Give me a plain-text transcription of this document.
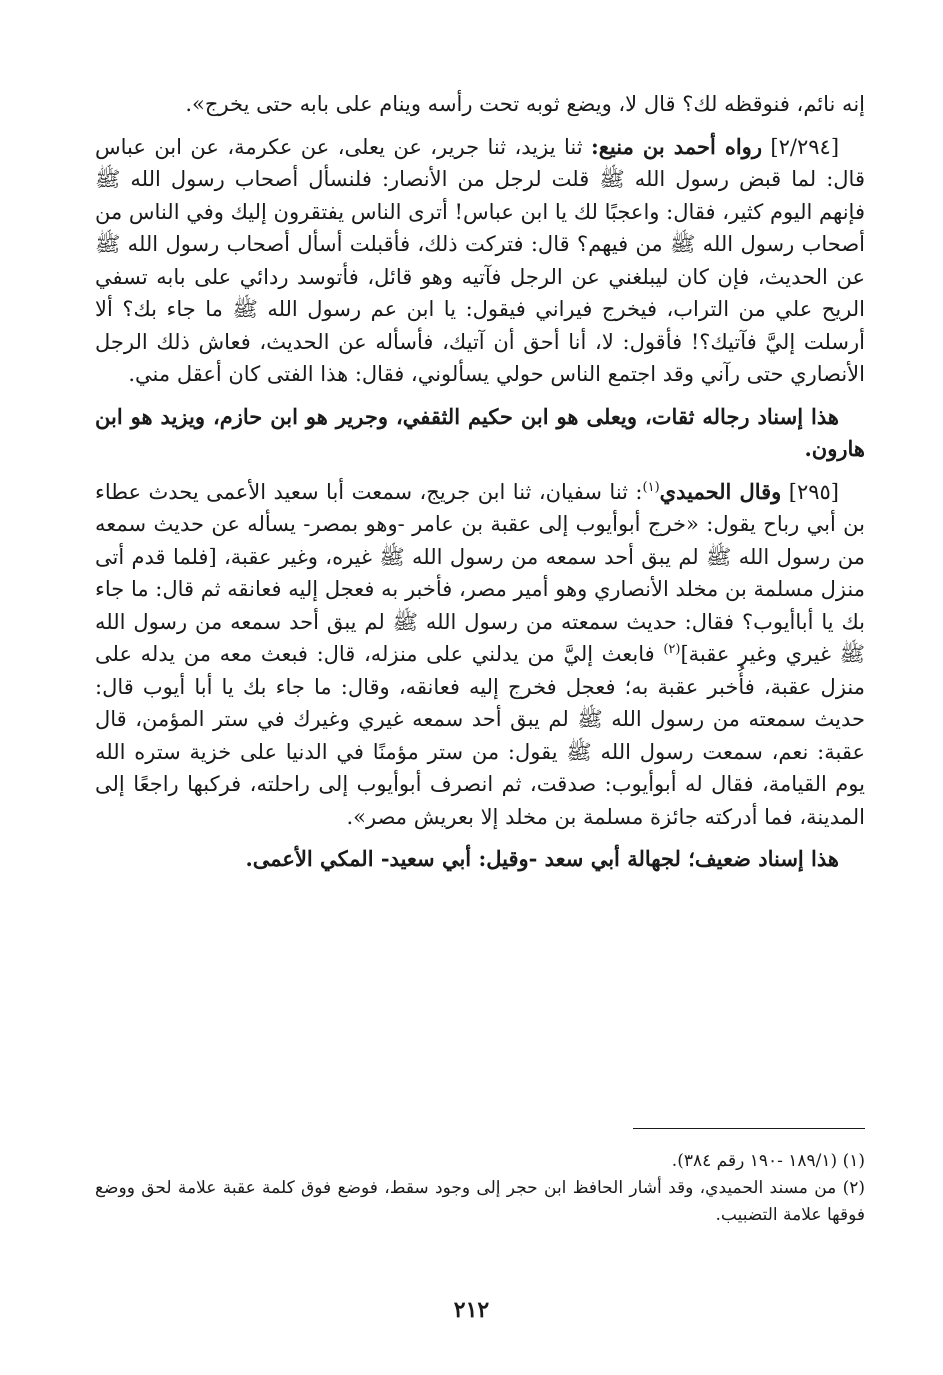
إنه نائم، فنوقظه لك؟ قال لا، ويضع ثوبه تحت رأسه وينام على بابه حتى يخرج».

[٢/٢٩٤] رواه أحمد بن منيع: ثنا يزيد، ثنا جرير، عن يعلى، عن عكرمة، عن ابن عباس قال: لما قبض رسول الله ﷺ قلت لرجل من الأنصار: فلنسأل أصحاب رسول الله ﷺ فإنهم اليوم كثير، فقال: واعجبًا لك يا ابن عباس! أترى الناس يفتقرون إليك وفي الناس من أصحاب رسول الله ﷺ من فيهم؟ قال: فتركت ذلك، فأقبلت أسأل أصحاب رسول الله ﷺ عن الحديث، فإن كان ليبلغني عن الرجل فآتيه وهو قائل، فأتوسد ردائي على بابه تسفي الريح علي من التراب، فيخرج فيراني فيقول: يا ابن عم رسول الله ﷺ ما جاء بك؟ ألا أرسلت إليَّ فآتيك؟! فأقول: لا، أنا أحق أن آتيك، فأسأله عن الحديث، فعاش ذلك الرجل الأنصاري حتى رآني وقد اجتمع الناس حولي يسألوني، فقال: هذا الفتى كان أعقل مني.

هذا إسناد رجاله ثقات، ويعلى هو ابن حكيم الثقفي، وجرير هو ابن حازم، ويزيد هو ابن هارون.

[٢٩٥] وقال الحميدي$^{(١)}$: ثنا سفيان، ثنا ابن جريج، سمعت أبا سعيد الأعمى يحدث عطاء بن أبي رباح يقول: «خرج أبوأيوب إلى عقبة بن عامر -وهو بمصر- يسأله عن حديث سمعه من رسول الله ﷺ لم يبق أحد سمعه من رسول الله ﷺ غيره، وغير عقبة، [فلما قدم أتى منزل مسلمة بن مخلد الأنصاري وهو أمير مصر، فأخبر به فعجل إليه فعانقه ثم قال: ما جاء بك يا أباأيوب؟ فقال: حديث سمعته من رسول الله ﷺ لم يبق أحد سمعه من رسول الله ﷺ غيري وغير عقبة]$^{(٢)}$ فابعث إليَّ من يدلني على منزله، قال: فبعث معه من يدله على منزل عقبة، فأُخبر عقبة به؛ فعجل فخرج إليه فعانقه، وقال: ما جاء بك يا أبا أيوب قال: حديث سمعته من رسول الله ﷺ لم يبق أحد سمعه غيري وغيرك في ستر المؤمن، قال عقبة: نعم، سمعت رسول الله ﷺ يقول: من ستر مؤمنًا في الدنيا على خزية ستره الله يوم القيامة، فقال له أبوأيوب: صدقت، ثم انصرف أبوأيوب إلى راحلته، فركبها راجعًا إلى المدينة، فما أدركته جائزة مسلمة بن مخلد إلا بعريش مصر».

هذا إسناد ضعيف؛ لجهالة أبي سعد -وقيل: أبي سعيد- المكي الأعمى.

(١) (١٨٩/١ -١٩٠ رقم ٣٨٤).

(٢) من مسند الحميدي، وقد أشار الحافظ ابن حجر إلى وجود سقط، فوضع فوق كلمة عقبة علامة لحق ووضع فوقها علامة التضبيب.

٢١٢
